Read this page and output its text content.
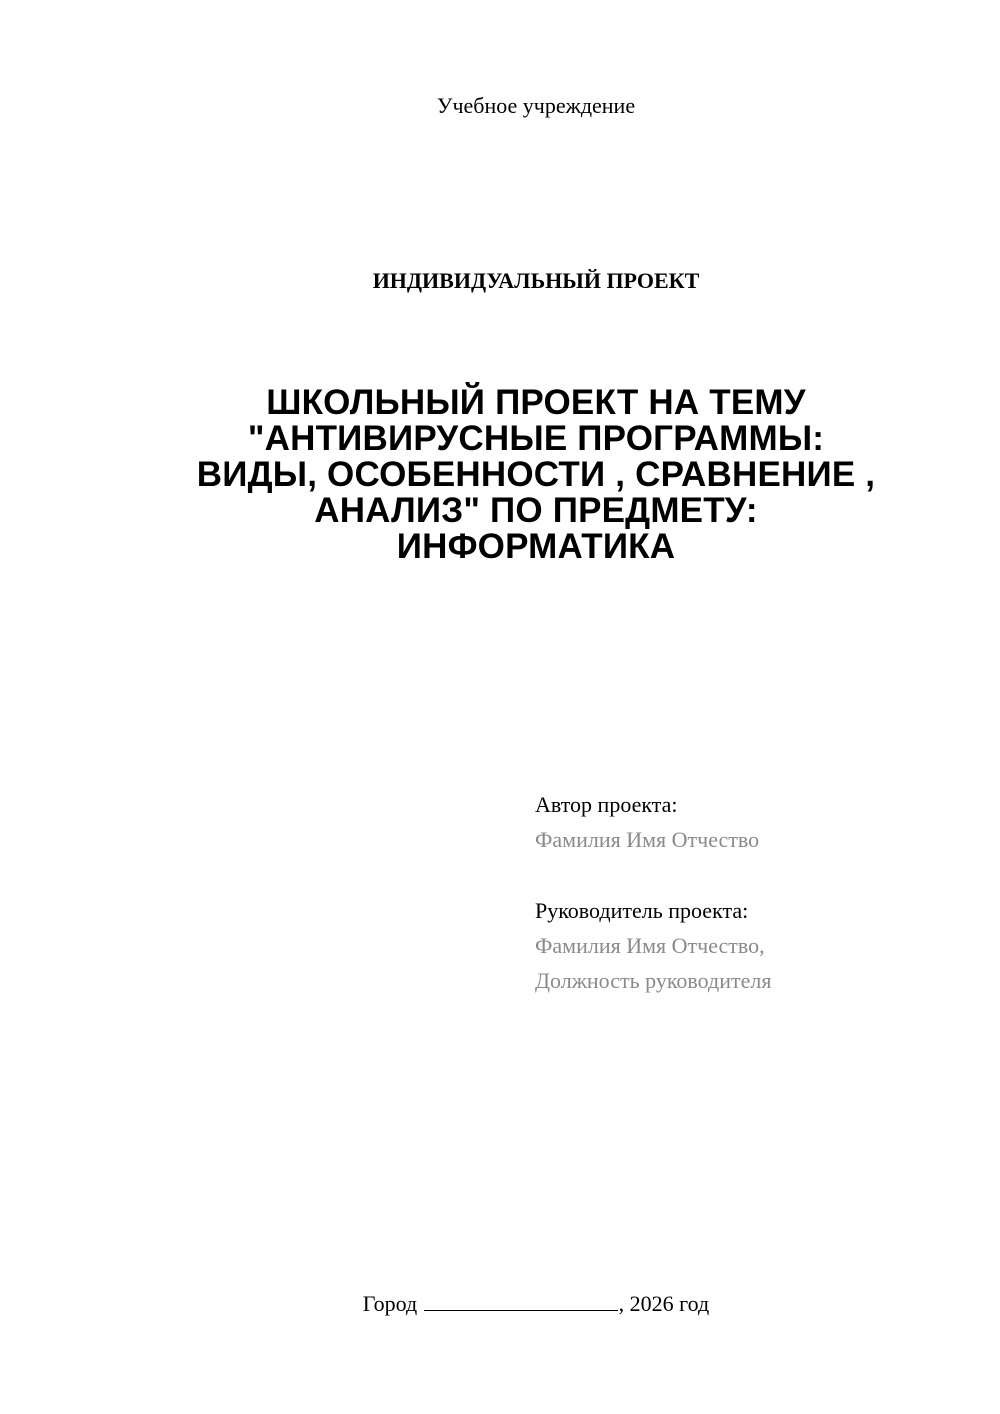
Учебное учреждение
ИНДИВИДУАЛЬНЫЙ ПРОЕКТ
ШКОЛЬНЫЙ ПРОЕКТ НА ТЕМУ
"АНТИВИРУСНЫЕ ПРОГРАММЫ:
ВИДЫ, ОСОБЕННОСТИ , СРАВНЕНИЕ ,
АНАЛИЗ" ПО ПРЕДМЕТУ:
ИНФОРМАТИКА
Автор проекта:
Фамилия Имя Отчество
Руководитель проекта:
Фамилия Имя Отчество,
Должность руководителя
Город	, 2026 год
